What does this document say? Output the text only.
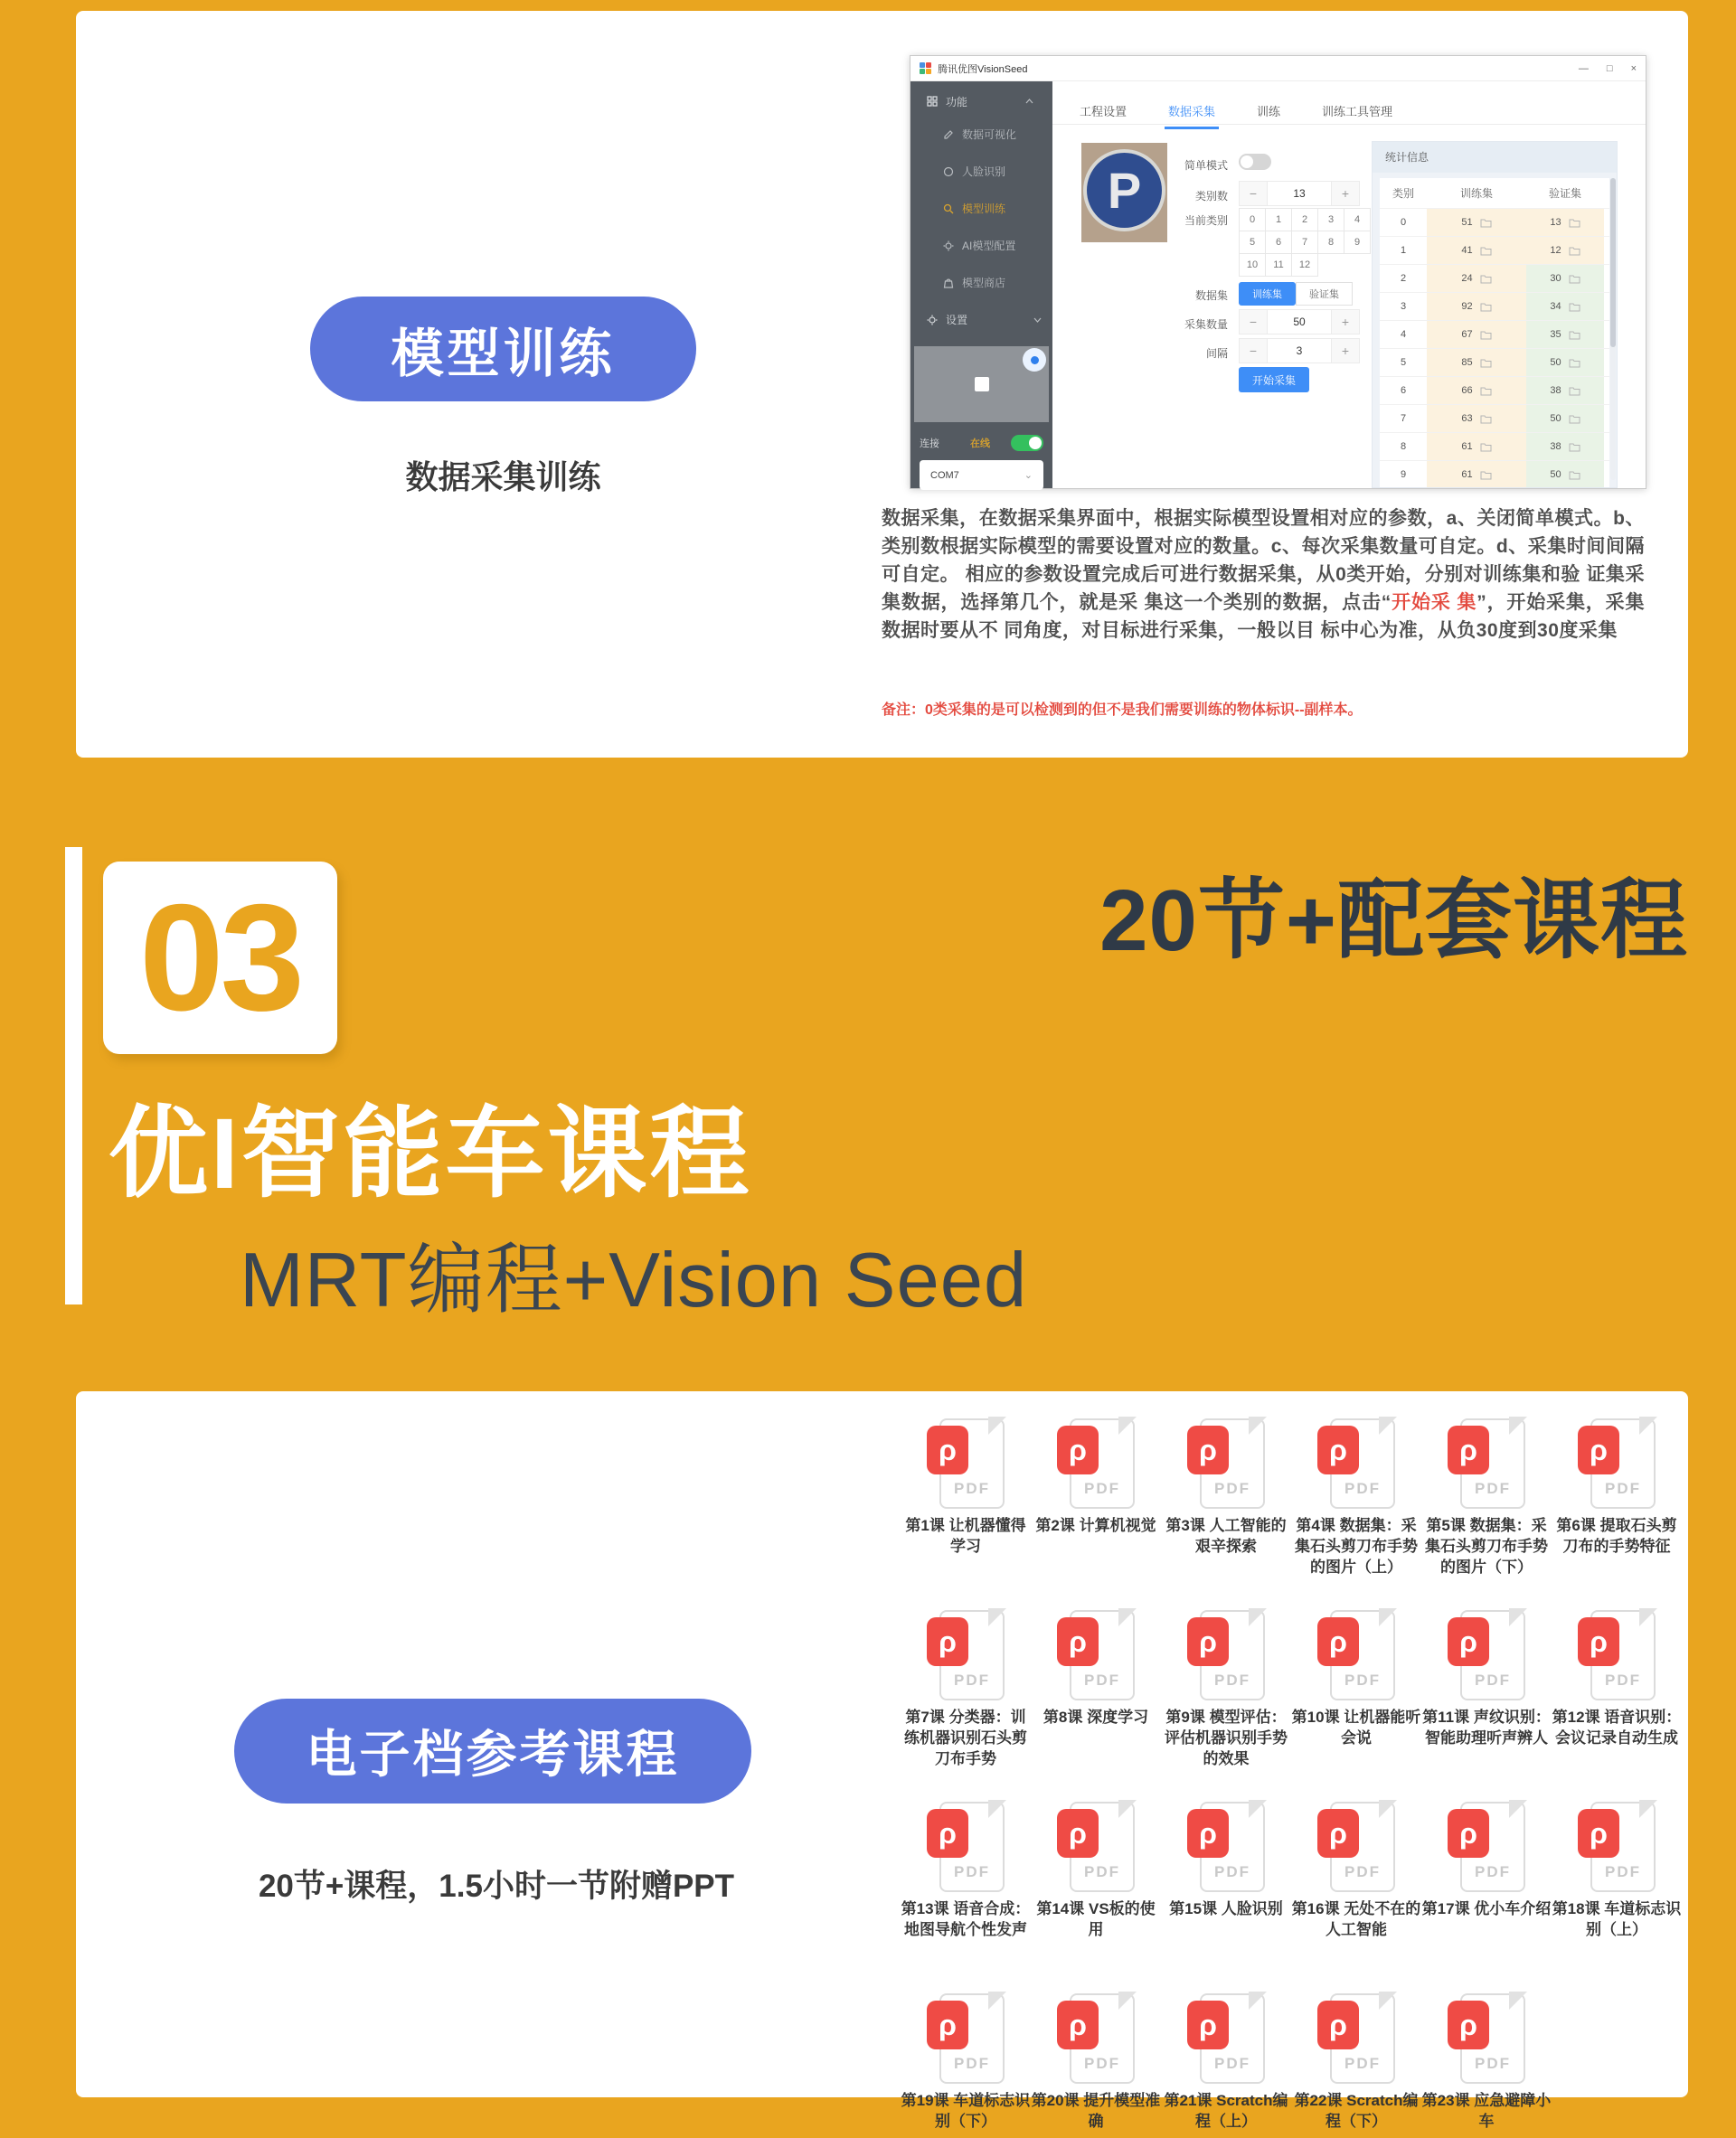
模型训练
数据采集训练
腾讯优图VisionSeed	— □ ×
功能
数据可视化
人脸识别
模型训练
AI模型配置
模型商店
设置
连接	在线
COM7	⌄
工程设置	数据采集	训练	训练工具管理
P	简单模式
类别数	−	13	+
当前类别	0	1	2	3	4
5	6	7	8	9
10	11	12
数据集	训练集	验证集
采集数量	−	50	+
间隔	−	3	+
开始采集
统计信息
类别	训练集	验证集
0	51	13
1	41	12
2	24	30
3	92	34
4	67	35
5	85	50
6	66	38
7	63	50
8	61	38
9	61	50

数据采集，在数据采集界面中，根据实际模型设置相对应的参数，a、关闭简单模式。b、类别数根据实际模型的需要设置对应的数量。c、每次采集数量可自定。d、采集时间间隔可自定。 相应的参数设置完成后可进行数据采集，从0类开始，分别对训练集和验 证集采集数据，选择第几个，就是采 集这一个类别的数据，点击“开始采 集”，开始采集，采集数据时要从不 同角度，对目标进行采集，一般以目 标中心为准，从负30度到30度采集

备注：0类采集的是可以检测到的但不是我们需要训练的物体标识--副样本。

03	20节+配套课程
优I智能车课程
MRT编程+Vision Seed
电子档参考课程
20节+课程，1.5小时一节附赠PPT
PDF
ρ
第1课 让机器懂得学习
PDF
ρ
第2课 计算机视觉
PDF
ρ
第3课 人工智能的艰辛探索
PDF
ρ
第4课 数据集：采集石头剪刀布手势的图片（上）
PDF
ρ
第5课 数据集：采集石头剪刀布手势的图片（下）
PDF
ρ
第6课 提取石头剪刀布的手势特征
PDF
ρ
第7课 分类器：训练机器识别石头剪刀布手势
PDF
ρ
第8课 深度学习
PDF
ρ
第9课 模型评估：评估机器识别手势的效果
PDF
ρ
第10课 让机器能听会说
PDF
ρ
第11课 声纹识别：智能助理听声辨人
PDF
ρ
第12课 语音识别：会议记录自动生成
PDF
ρ
第13课 语音合成：地图导航个性发声
PDF
ρ
第14课 VS板的使用
PDF
ρ
第15课 人脸识别
PDF
ρ
第16课 无处不在的人工智能
PDF
ρ
第17课 优小车介绍
PDF
ρ
第18课 车道标志识别（上）
PDF
ρ
第19课 车道标志识别（下）
PDF
ρ
第20课 提升模型准确
PDF
ρ
第21课 Scratch编程（上）
PDF
ρ
第22课 Scratch编程（下）
PDF
ρ
第23课 应急避障小车
